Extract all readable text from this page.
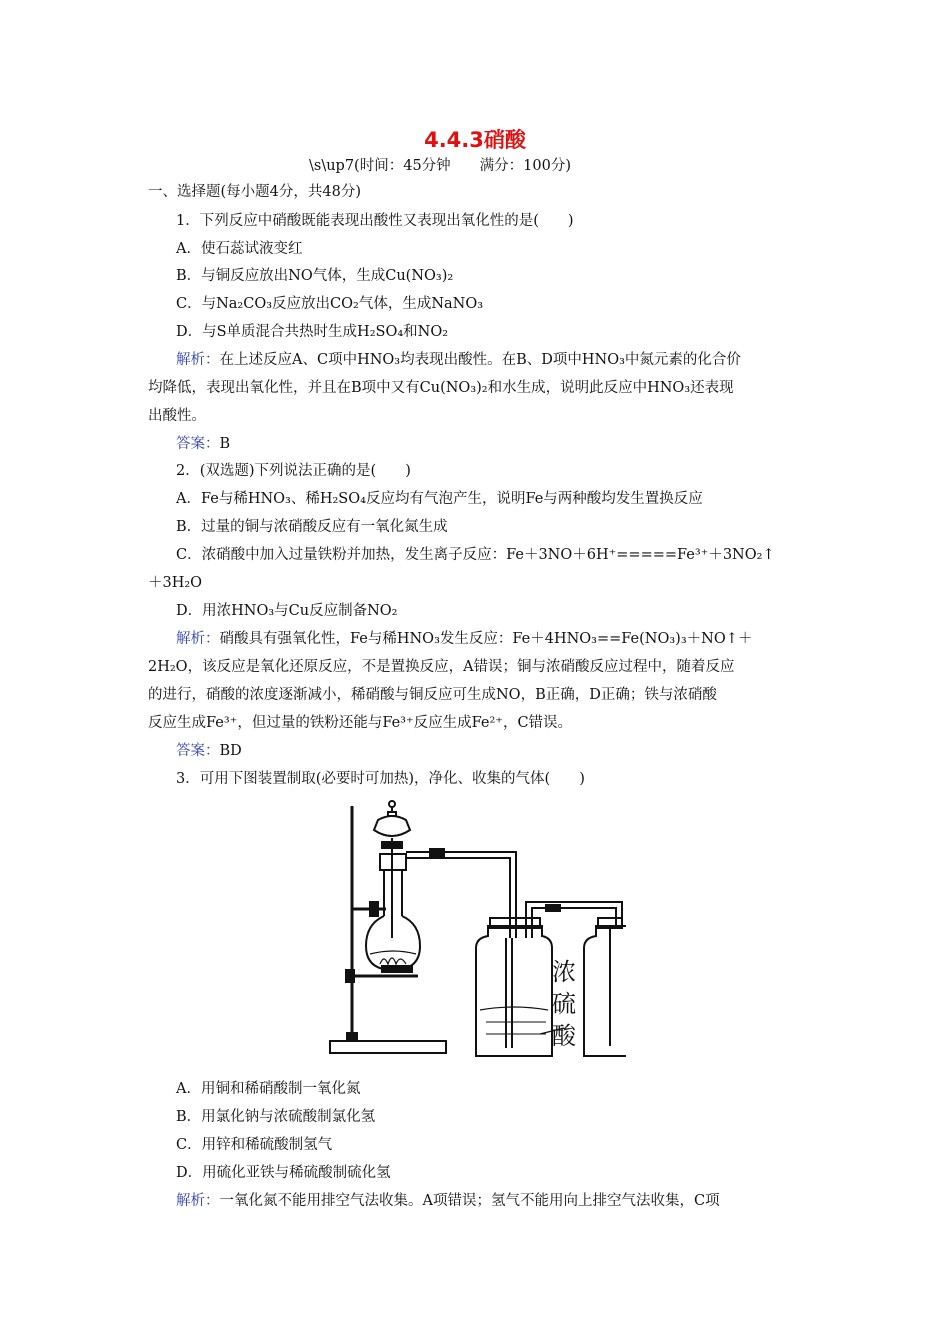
4.4.3硝酸
\s\up7(时间：45分钟　　满分：100分)
一、选择题(每小题4分，共48分)
1．下列反应中硝酸既能表现出酸性又表现出氧化性的是(　　)
A．使石蕊试液变红
B．与铜反应放出NO气体，生成Cu(NO₃)₂
C．与Na₂CO₃反应放出CO₂气体，生成NaNO₃
D．与S单质混合共热时生成H₂SO₄和NO₂
解析：在上述反应A、C项中HNO₃均表现出酸性。在B、D项中HNO₃中氮元素的化合价
均降低，表现出氧化性，并且在B项中又有Cu(NO₃)₂和水生成，说明此反应中HNO₃还表现
出酸性。
答案：B
2．(双选题)下列说法正确的是(　　)
A．Fe与稀HNO₃、稀H₂SO₄反应均有气泡产生，说明Fe与两种酸均发生置换反应
B．过量的铜与浓硝酸反应有一氧化氮生成
C．浓硝酸中加入过量铁粉并加热，发生离子反应：Fe＋3NO＋6H⁺=====Fe³⁺＋3NO₂↑
＋3H₂O
D．用浓HNO₃与Cu反应制备NO₂
解析：硝酸具有强氧化性，Fe与稀HNO₃发生反应：Fe＋4HNO₃==Fe(NO₃)₃＋NO↑＋
2H₂O，该反应是氧化还原反应，不是置换反应，A错误；铜与浓硝酸反应过程中，随着反应
的进行，硝酸的浓度逐渐减小，稀硝酸与铜反应可生成NO，B正确，D正确；铁与浓硝酸
反应生成Fe³⁺，但过量的铁粉还能与Fe³⁺反应生成Fe²⁺，C错误。
答案：BD
3．可用下图装置制取(必要时可加热)，净化、收集的气体(　　)
浓
硫
酸
A．用铜和稀硝酸制一氧化氮
B．用氯化钠与浓硫酸制氯化氢
C．用锌和稀硫酸制氢气
D．用硫化亚铁与稀硫酸制硫化氢
解析：一氧化氮不能用排空气法收集。A项错误；氢气不能用向上排空气法收集，C项
